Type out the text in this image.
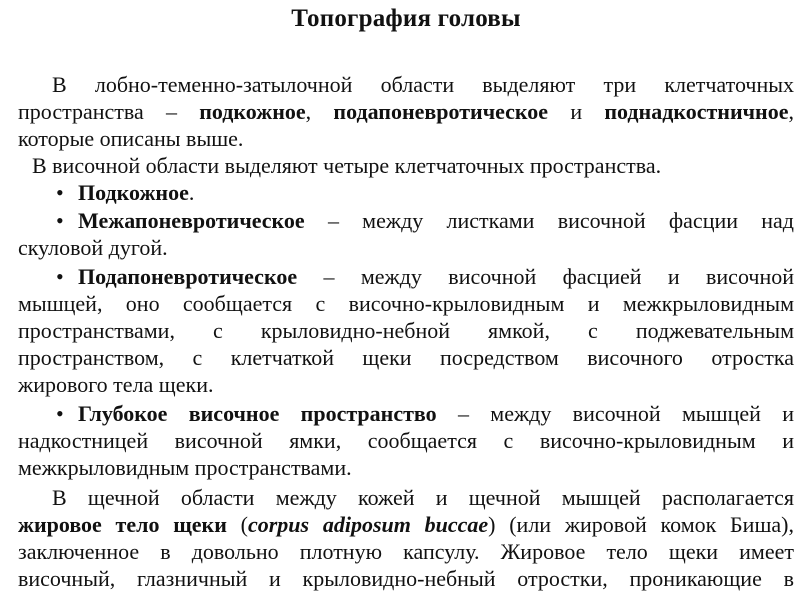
Топография головы
В лобно-теменно-затылочной области выделяют три клетчаточных
пространства – подкожное, подапоневротическое и поднадкостничное,
которые описаны выше.
В височной области выделяют четыре клетчаточных пространства.
• Подкожное.
• Межапоневротическое – между листками височной фасции над
скуловой дугой.
• Подапоневротическое – между височной фасцией и височной
мышцей, оно сообщается с височно-крыловидным и межкрыловидным
пространствами, с крыловидно-небной ямкой, с поджевательным
пространством, с клетчаткой щеки посредством височного отростка
жирового тела щеки.
• Глубокое височное пространство – между височной мышцей и
надкостницей височной ямки, сообщается с височно-крыловидным и
межкрыловидным пространствами.
В щечной области между кожей и щечной мышцей располагается
жировое тело щеки (corpus adiposum buccae) (или жировой комок Биша),
заключенное в довольно плотную капсулу. Жировое тело щеки имеет
височный, глазничный и крыловидно-небный отростки, проникающие в
